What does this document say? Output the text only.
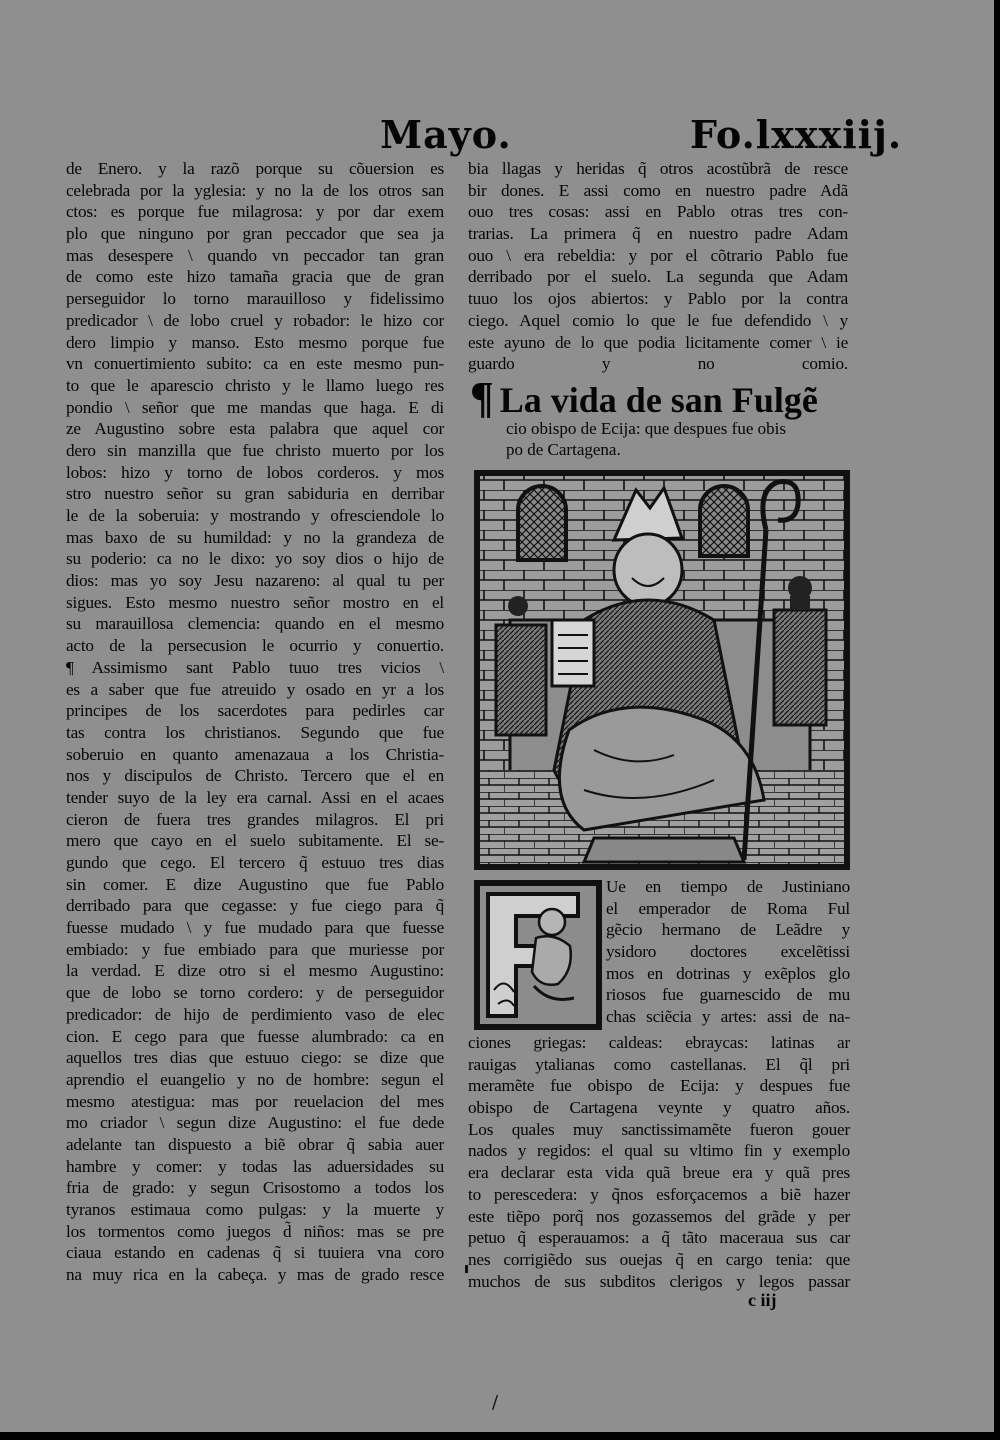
Mayo.	Fo.lxxxiij.
de Enero. y la razõ porque su cõuersion es
celebrada por la yglesia: y no la de los otros san
ctos: es porque fue milagrosa: y por dar exem
plo que ninguno por gran peccador que sea ja
mas desespere \ quando vn peccador tan gran
de como este hizo tamaña gracia que de gran
perseguidor lo torno marauilloso y fidelissimo
predicador \ de lobo cruel y robador: le hizo cor
dero limpio y manso. Esto mesmo porque fue
vn conuertimiento subito: ca en este mesmo pun-
to que le aparescio christo y le llamo luego res
pondio \ señor que me mandas que haga. E di
ze Augustino sobre esta palabra que aquel cor
dero sin manzilla que fue christo muerto por los
lobos: hizo y torno de lobos corderos. y mos
stro nuestro señor su gran sabiduria en derribar
le de la soberuia: y mostrando y ofresciendole lo
mas baxo de su humildad: y no la grandeza de
su poderio: ca no le dixo: yo soy dios o hijo de
dios: mas yo soy Jesu nazareno: al qual tu per
sigues. Esto mesmo nuestro señor mostro en el
su marauillosa clemencia: quando en el mesmo
acto de la persecusion le ocurrio y conuertio.
¶ Assimismo sant Pablo tuuo tres vicios \
es a saber que fue atreuido y osado en yr a los
principes de los sacerdotes para pedirles car
tas contra los christianos. Segundo que fue
soberuio en quanto amenazaua a los Christia-
nos y discipulos de Christo. Tercero que el en
tender suyo de la ley era carnal. Assi en el acaes
cieron de fuera tres grandes milagros. El pri
mero que cayo en el suelo subitamente. El se-
gundo que cego. El tercero q̃ estuuo tres dias
sin comer. E dize Augustino que fue Pablo
derribado para que cegasse: y fue ciego para q̃
fuesse mudado \ y fue mudado para que fuesse
embiado: y fue embiado para que muriesse por
la verdad. E dize otro si el mesmo Augustino:
que de lobo se torno cordero: y de perseguidor
predicador: de hijo de perdimiento vaso de elec
cion. E cego para que fuesse alumbrado: ca en
aquellos tres dias que estuuo ciego: se dize que
aprendio el euangelio y no de hombre: segun el
mesmo atestigua: mas por reuelacion del mes
mo criador \ segun dize Augustino: el fue dede
adelante tan dispuesto a biẽ obrar q̃ sabia auer
hambre y comer: y todas las aduersidades su
fria de grado: y segun Crisostomo a todos los
tyranos estimaua como pulgas: y la muerte y
los tormentos como juegos d̃ niños: mas se pre
ciaua estando en cadenas q̃ si tuuiera vna coro
na muy rica en la cabeça. y mas de grado resce
bia llagas y heridas q̃ otros acostũbrã de resce
bir dones. E assi como en nuestro padre Adã
ouo tres cosas: assi en Pablo otras tres con-
trarias. La primera q̃ en nuestro padre Adam
ouo \ era rebeldia: y por el cõtrario Pablo fue
derribado por el suelo. La segunda que Adam
tuuo los ojos abiertos: y Pablo por la contra
ciego. Aquel comio lo que le fue defendido \ y
este ayuno de lo que podia licitamente comer \ ie
guardo y no comio.
¶ La vida de san Fulgẽ
cio obispo de Ecija: que despues fue obis
po de Cartagena.
Ue en tiempo de Justiniano
el emperador de Roma Ful
gẽcio hermano de Leãdre y
ysidoro doctores excelẽtissi
mos en dotrinas y exẽplos glo
riosos fue guarnescido de mu
chas sciẽcia y artes: assi de na-
ciones griegas: caldeas: ebraycas: latinas ar
rauigas ytalianas como castellanas. El q̃l pri
meramẽte fue obispo de Ecija: y despues fue
obispo de Cartagena veynte y quatro años.
Los quales muy sanctissimamẽte fueron gouer
nados y regidos: el qual su vltimo fin y exemplo
era declarar esta vida quã breue era y quã pres
to perescedera: y q̃nos esforçacemos a biẽ hazer
este tiẽpo porq̃ nos gozassemos del grãde y per
petuo q̃ esperauamos: a q̃ tãto maceraua sus car
nes corrigiẽdo sus ouejas q̃ en cargo tenia: que
muchos de sus subditos clerigos y legos passar
c iij
/
